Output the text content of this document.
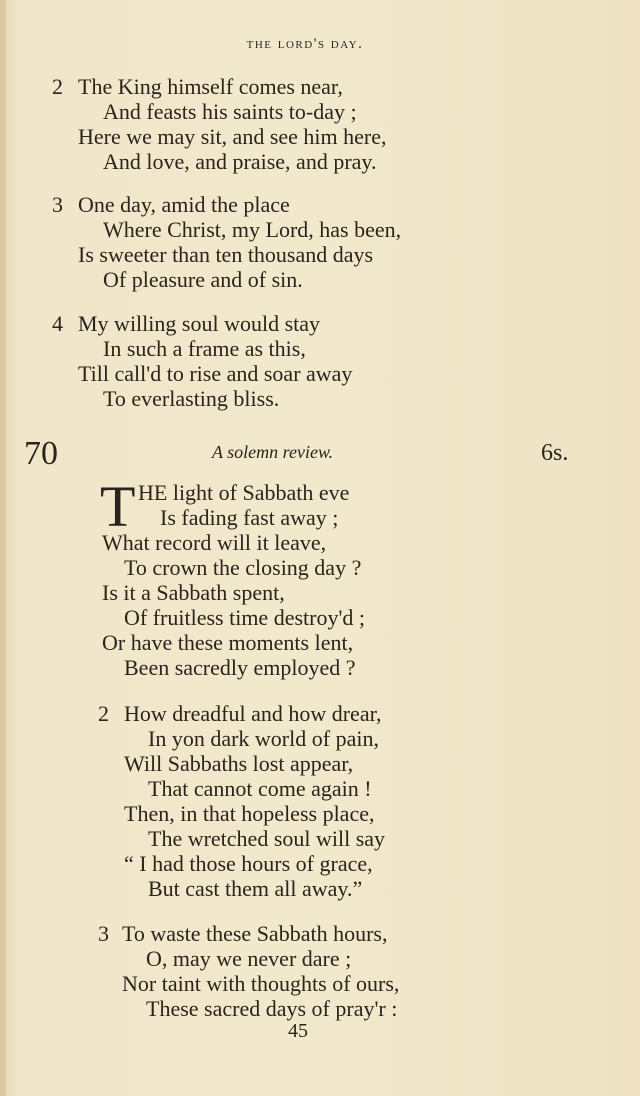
the lord's day.
2 The King himself comes near,
And feasts his saints to-day ;
Here we may sit, and see him here,
And love, and praise, and pray.
3 One day, amid the place
Where Christ, my Lord, has been,
Is sweeter than ten thousand days
Of pleasure and of sin.
4 My willing soul would stay
In such a frame as this,
Till call'd to rise and soar away
To everlasting bliss.
70	A solemn review.	6s.
T HE light of Sabbath eve
Is fading fast away ;
What record will it leave,
To crown the closing day ?
Is it a Sabbath spent,
Of fruitless time destroy'd ;
Or have these moments lent,
Been sacredly employed ?
2 How dreadful and how drear,
In yon dark world of pain,
Will Sabbaths lost appear,
That cannot come again !
Then, in that hopeless place,
The wretched soul will say
“ I had those hours of grace,
But cast them all away.”
3 To waste these Sabbath hours,
O, may we never dare ;
Nor taint with thoughts of ours,
These sacred days of pray'r :
45
